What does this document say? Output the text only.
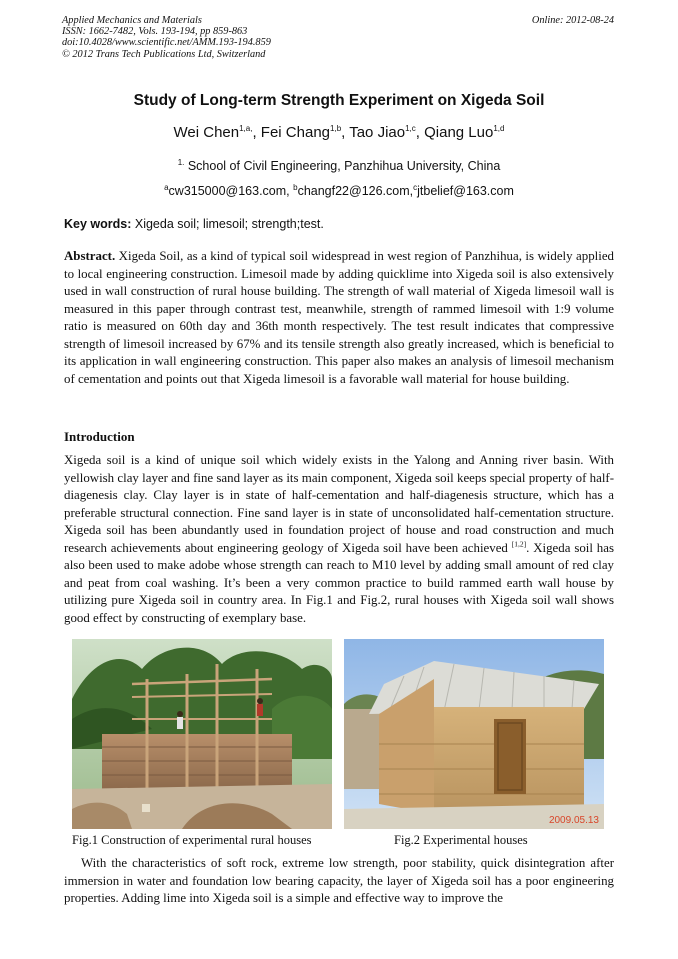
Applied Mechanics and Materials
ISSN: 1662-7482, Vols. 193-194, pp 859-863
doi:10.4028/www.scientific.net/AMM.193-194.859
© 2012 Trans Tech Publications Ltd, Switzerland
Online: 2012-08-24
Study of Long-term Strength Experiment on Xigeda Soil
Wei Chen$^{1,a,}$, Fei Chang$^{1,b}$, Tao Jiao$^{1,c}$, Qiang Luo$^{1,d}$
$^{1.}$ School of Civil Engineering, Panzhihua University, China
$^a$cw315000@163.com, $^b$changf22@126.com,$^c$jtbelief@163.com
Key words: Xigeda soil; limesoil; strength;test.
Abstract. Xigeda Soil, as a kind of typical soil widespread in west region of Panzhihua, is widely applied to local engineering construction. Limesoil made by adding quicklime into Xigeda soil is also extensively used in wall construction of rural house building. The strength of wall material of Xigeda limesoil wall is measured in this paper through contrast test, meanwhile, strength of rammed limesoil with 1:9 volume ratio is measured on 60th day and 36th month respectively. The test result indicates that compressive strength of limesoil increased by 67% and its tensile strength also greatly increased, which is beneficial to its application in wall engineering construction. This paper also makes an analysis of limesoil mechanism of cementation and points out that Xigeda limesoil is a favorable wall material for house building.
Introduction
Xigeda soil is a kind of unique soil which widely exists in the Yalong and Anning river basin. With yellowish clay layer and fine sand layer as its main component, Xigeda soil keeps special property of half-diagenesis clay. Clay layer is in state of half-cementation and half-diagenesis structure, which has a preferable structural connection. Fine sand layer is in state of unconsolidated half-cementation structure. Xigeda soil has been abundantly used in foundation project of house and road construction and much research achievements about engineering geology of Xigeda soil have been achieved [1,2]. Xigeda soil has also been used to make adobe whose strength can reach to M10 level by adding small amount of red clay and peat from coal washing. It’s been a very common practice to build rammed earth wall house by utilizing pure Xigeda soil in country area. In Fig.1 and Fig.2, rural houses with Xigeda soil wall shows good effect by constructing of exemplary base.
2009.05.13
Fig.1 Construction of experimental rural houses	Fig.2 Experimental houses
With the characteristics of soft rock, extreme low strength, poor stability, quick disintegration after immersion in water and foundation low bearing capacity, the layer of Xigeda soil has a poor engineering properties. Adding lime into Xigeda soil is a simple and effective way to improve the
